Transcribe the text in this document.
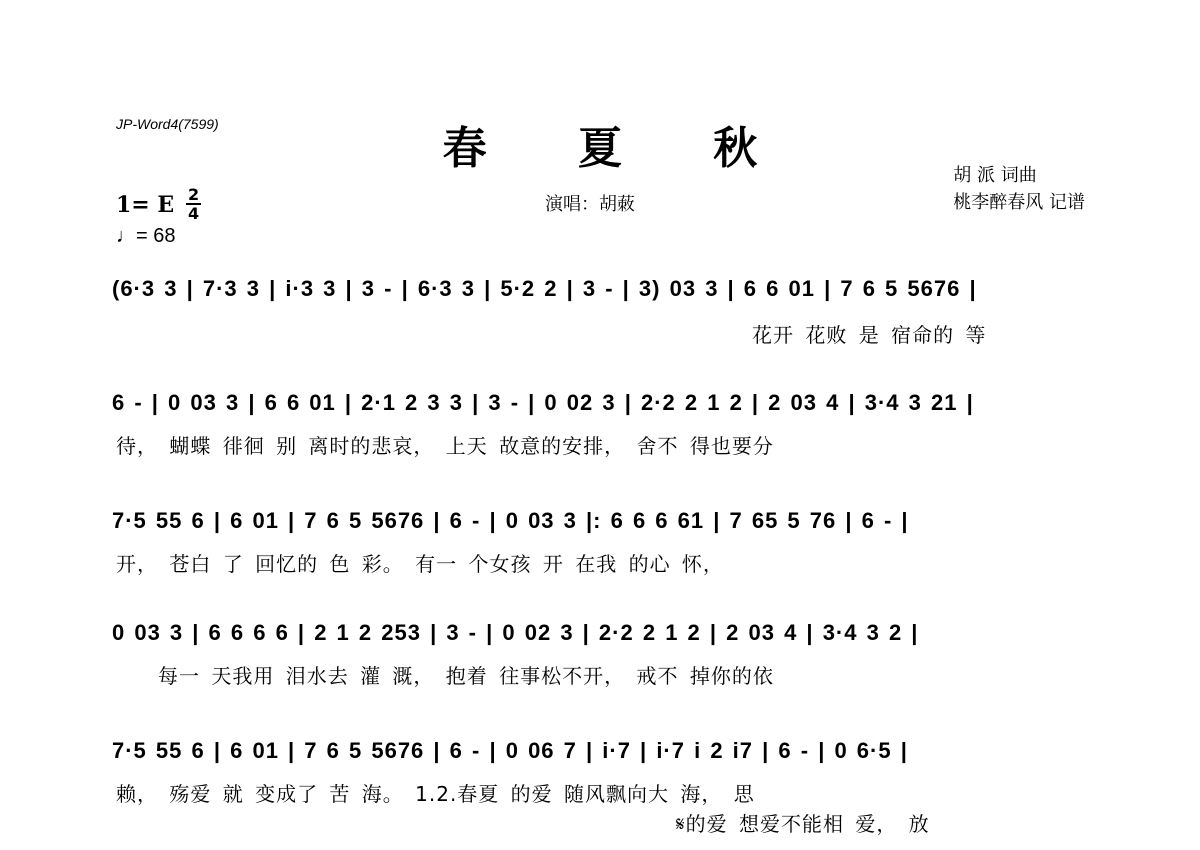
JP-Word4(7599)	春 夏 秋
演唱：胡蓛
胡 派 词曲
桃李醉春风 记谱
1= E $\frac{2}{4}$
♩= 68
(6·3 3 | 7·3 3 | i·3 3 | 3 - | 6·3 3 | 5·2 2 | 3 - | 3) 03 3 | 6 6 01 | 7 6 5 5676 |
花开 花败 是 宿命的 等
6 - | 0 03 3 | 6 6 01 | 2·1 2 3 3 | 3 - | 0 02 3 | 2·2 2 1 2 | 2 03 4 | 3·4 3 21 |
待， 蝴蝶 徘徊 别 离时的悲哀， 上天 故意的安排， 舍不 得也要分
7·5 55 6 | 6 01 | 7 6 5 5676 | 6 - | 0 03 3 |: 6 6 6 61 | 7 65 5 76 | 6 - |
开， 苍白 了 回忆的 色 彩。 有一 个女孩 开 在我 的心 怀，
0 03 3 | 6 6 6 6 | 2 1 2 253 | 3 - | 0 02 3 | 2·2 2 1 2 | 2 03 4 | 3·4 3 2 |
每一 天我用 泪水去 灌 溉， 抱着 往事松不开， 戒不 掉你的依
7·5 55 6 | 6 01 | 7 6 5 5676 | 6 - | 0 06 7 | i·7 | i·7 i 2 i7 | 6 - | 0 6·5 |
赖， 殇爱 就 变成了 苦 海。 1.2.春夏 的爱 随风飘向大 海， 思
𝄋的爱 想爱不能相 爱， 放
